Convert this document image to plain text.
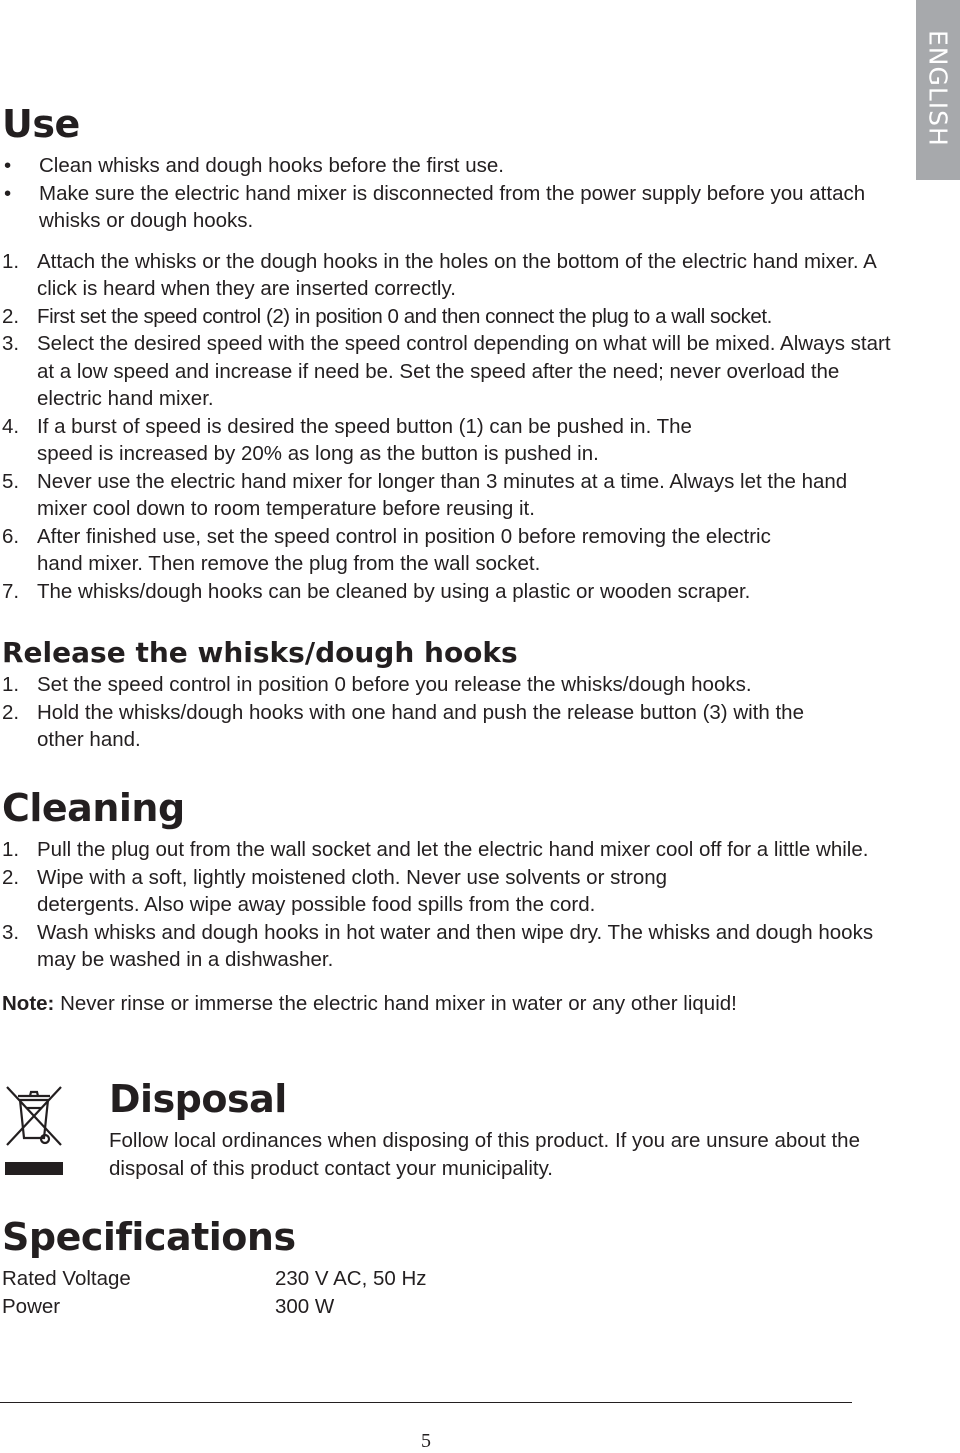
ENGLISH
Use
•	Clean whisks and dough hooks before the first use.
•	Make sure the electric hand mixer is disconnected from the power supply before you attach whisks or dough hooks.
1. Attach the whisks or the dough hooks in the holes on the bottom of the electric hand mixer. A click is heard when they are inserted correctly.
2. First set the speed control (2) in position 0 and then connect the plug to a wall socket.
3. Select the desired speed with the speed control depending on what will be mixed. Always start at a low speed and increase if need be. Set the speed after the need; never overload the electric hand mixer.
4. If a burst of speed is desired the speed button (1) can be pushed in. The speed is increased by 20% as long as the button is pushed in.
5. Never use the electric hand mixer for longer than 3 minutes at a time. Always let the hand mixer cool down to room temperature before reusing it.
6. After finished use, set the speed control in position 0 before removing the electric hand mixer. Then remove the plug from the wall socket.
7. The whisks/dough hooks can be cleaned by using a plastic or wooden scraper.
Release the whisks/dough hooks
1. Set the speed control in position 0 before you release the whisks/dough hooks.
2. Hold the whisks/dough hooks with one hand and push the release button (3) with the other hand.
Cleaning
1. Pull the plug out from the wall socket and let the electric hand mixer cool off for a little while.
2. Wipe with a soft, lightly moistened cloth. Never use solvents or strong detergents. Also wipe away possible food spills from the cord.
3. Wash whisks and dough hooks in hot water and then wipe dry. The whisks and dough hooks may be washed in a dishwasher.
Note: Never rinse or immerse the electric hand mixer in water or any other liquid!
Disposal
Follow local ordinances when disposing of this product. If you are unsure about the disposal of this product contact your municipality.
Specifications
Rated Voltage	230 V AC, 50 Hz
Power	300 W
5
